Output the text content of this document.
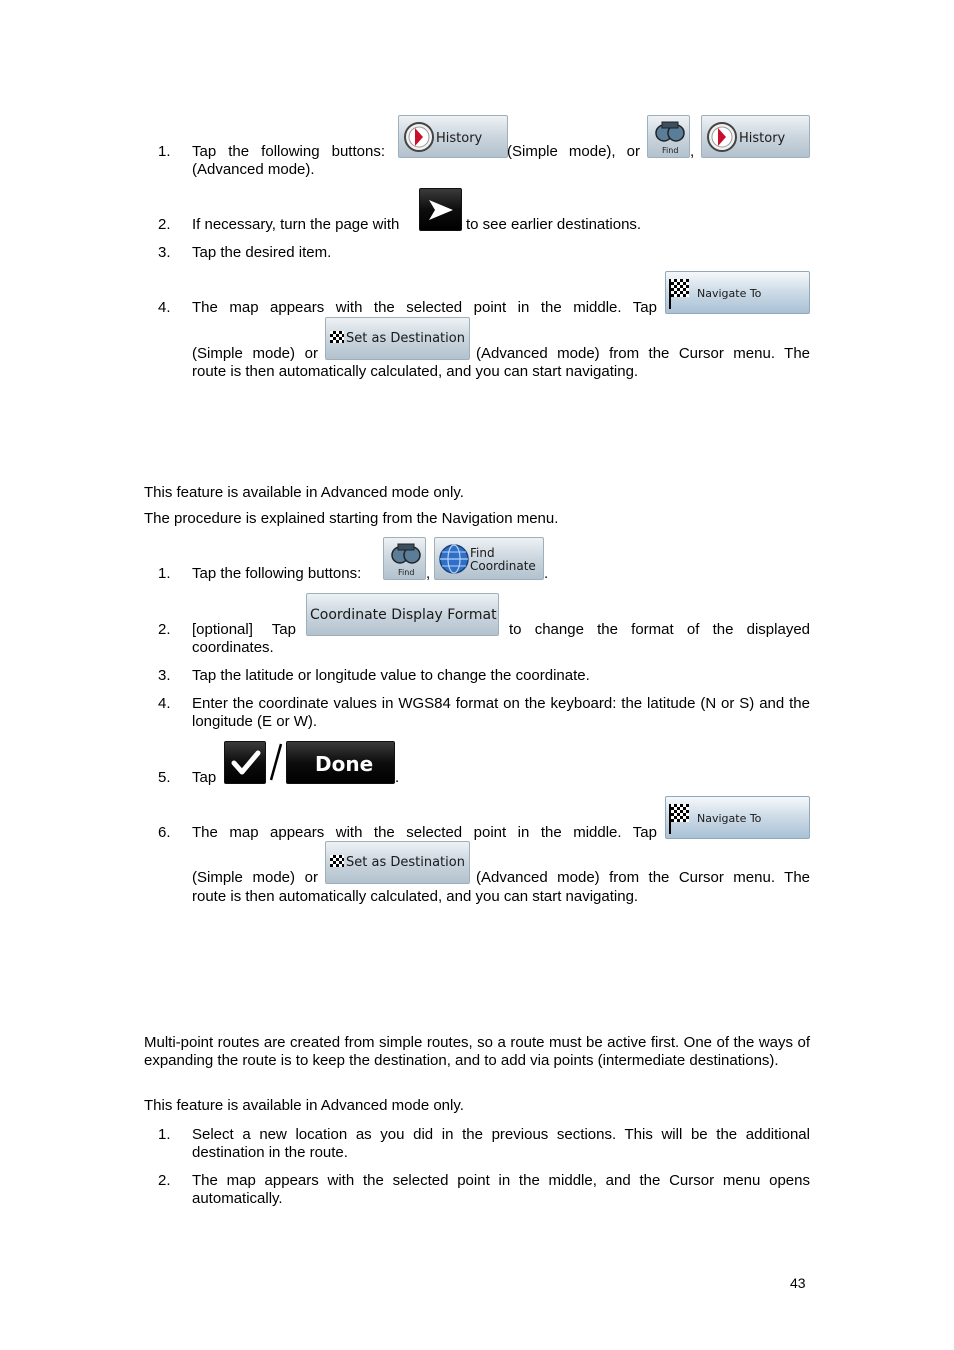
1.	Tap the following buttons:
History
(Simple mode), or	Find ,
History
(Advanced mode).
2.	If necessary, turn the page with	to see earlier destinations.
3.	Tap the desired item.
4.	The map appears with the selected point in the middle. Tap
Navigate To
(Simple mode) or
Set as Destination
(Advanced mode) from the Cursor menu. The
route is then automatically calculated, and you can start navigating.
This feature is available in Advanced mode only.
The procedure is explained starting from the Navigation menu.
1.	Tap the following buttons:	Find ,
Find
Coordinate .
2.	[optional] Tap
Coordinate Display Format
to change the format of the displayed
coordinates.
3.	Tap the latitude or longitude value to change the coordinate.
4.	Enter the coordinate values in WGS84 format on the keyboard: the latitude (N or S) and the longitude (E or W).
5.	Tap
Done
.
6.	The map appears with the selected point in the middle. Tap
Navigate To
(Simple mode) or
Set as Destination
(Advanced mode) from the Cursor menu. The
route is then automatically calculated, and you can start navigating.
Multi-point routes are created from simple routes, so a route must be active first. One of the ways of expanding the route is to keep the destination, and to add via points (intermediate destinations).
This feature is available in Advanced mode only.
1.	Select a new location as you did in the previous sections. This will be the additional destination in the route.
2.	The map appears with the selected point in the middle, and the Cursor menu opens automatically.
43
